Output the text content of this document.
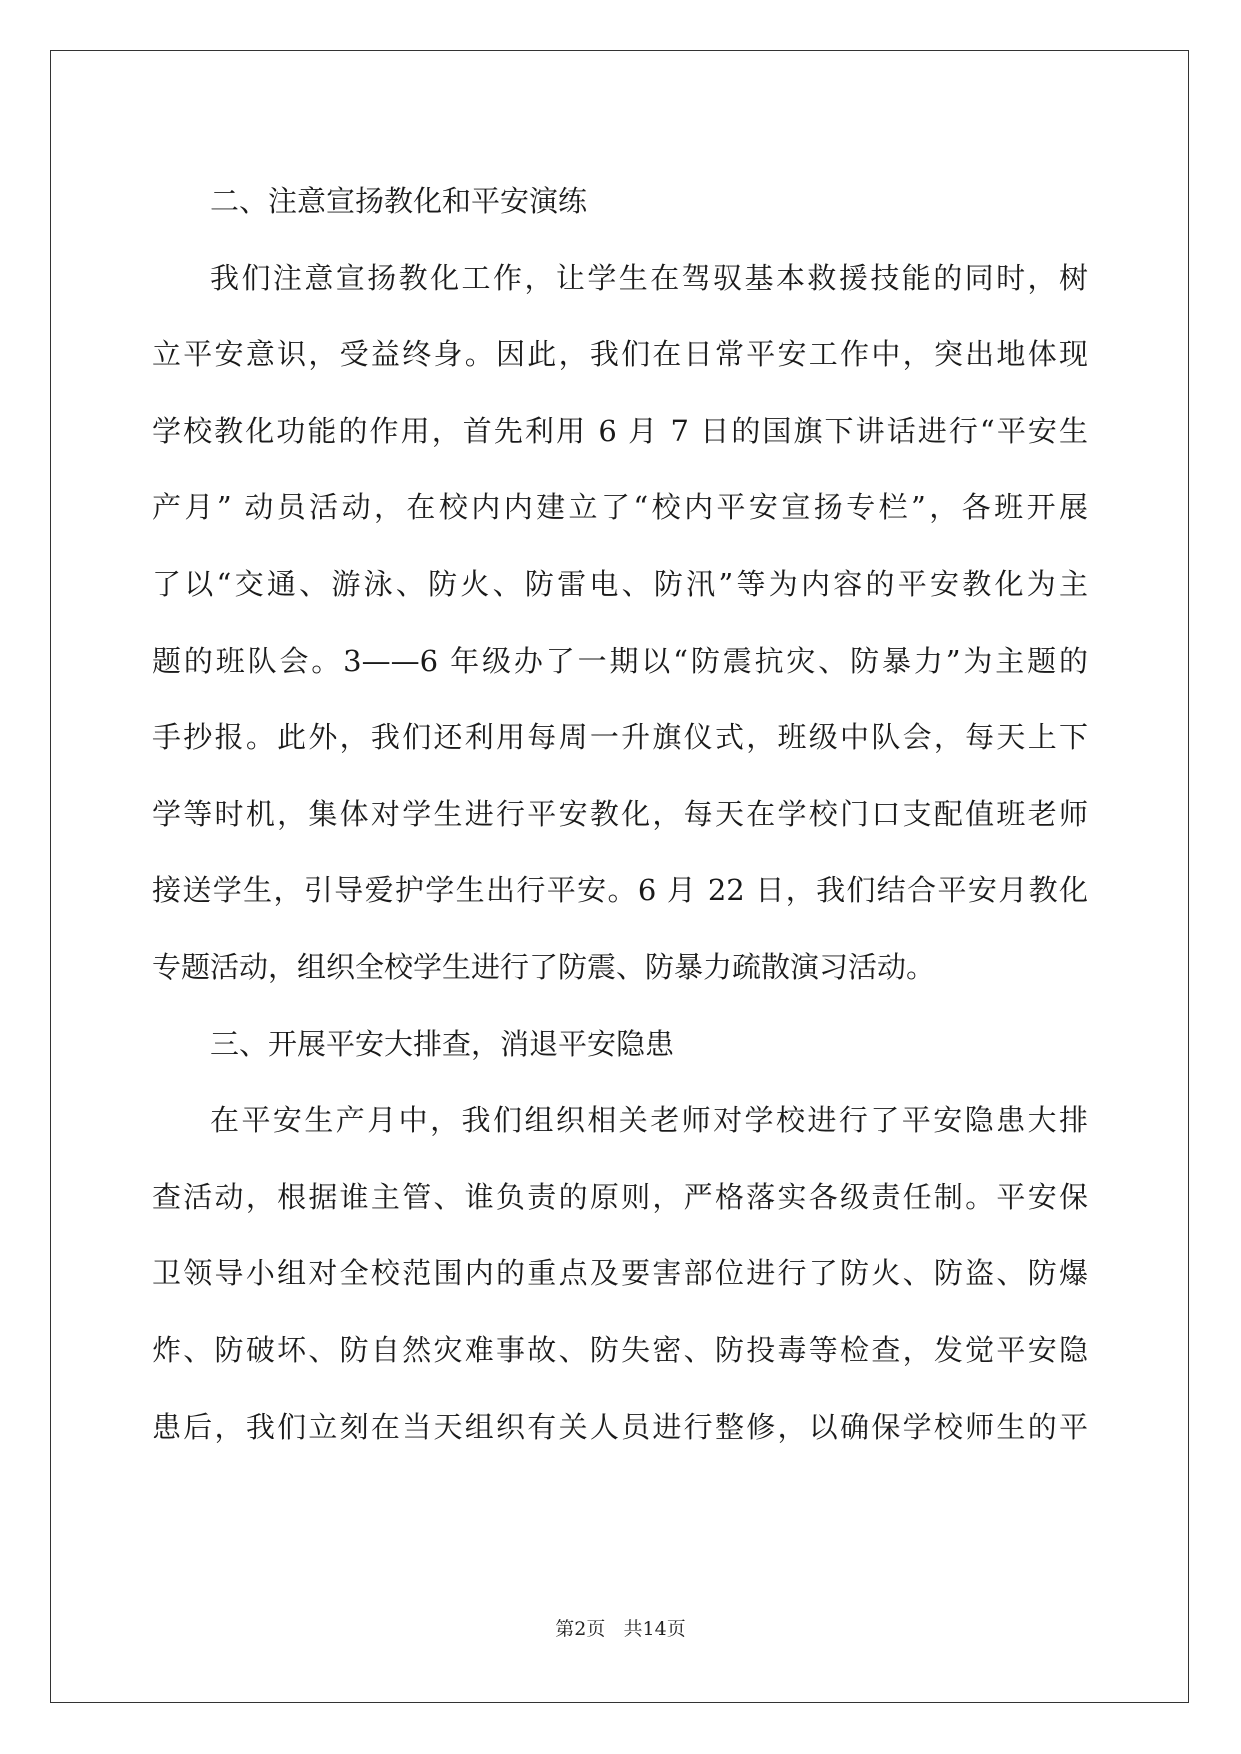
二、注意宣扬教化和平安演练
我们注意宣扬教化工作，让学生在驾驭基本救援技能的同时，树
立平安意识，受益终身。因此，我们在日常平安工作中，突出地体现
学校教化功能的作用，首先利用 6 月 7 日的国旗下讲话进行“平安生
产月” 动员活动，在校内内建立了“校内平安宣扬专栏”，各班开展
了以“交通、游泳、防火、防雷电、防汛”等为内容的平安教化为主
题的班队会。3——6 年级办了一期以“防震抗灾、防暴力”为主题的
手抄报。此外，我们还利用每周一升旗仪式，班级中队会，每天上下
学等时机，集体对学生进行平安教化，每天在学校门口支配值班老师
接送学生，引导爱护学生出行平安。6 月 22 日，我们结合平安月教化
专题活动，组织全校学生进行了防震、防暴力疏散演习活动。
三、开展平安大排查，消退平安隐患
在平安生产月中，我们组织相关老师对学校进行了平安隐患大排
查活动，根据谁主管、谁负责的原则，严格落实各级责任制。平安保
卫领导小组对全校范围内的重点及要害部位进行了防火、防盗、防爆
炸、防破坏、防自然灾难事故、防失密、防投毒等检查，发觉平安隐
患后，我们立刻在当天组织有关人员进行整修，以确保学校师生的平
第2页 共14页
